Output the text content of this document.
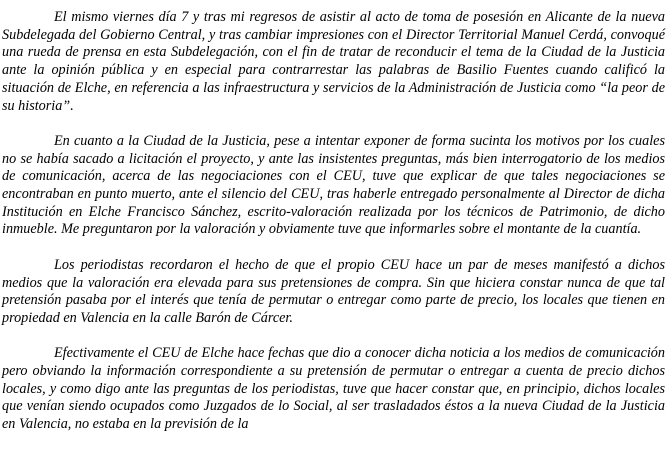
El mismo viernes día 7 y tras mi regresos de asistir al acto de toma de posesión en Alicante de la nueva Subdelegada del Gobierno Central, y tras cambiar impresiones con el Director Territorial Manuel Cerdá, convoqué una rueda de prensa en esta Subdelegación, con el fin de tratar de reconducir el tema de la Ciudad de la Justicia ante la opinión pública y en especial para contrarrestar las palabras de Basilio Fuentes cuando calificó la situación de Elche, en referencia a las infraestructura y servicios de la Administración de Justicia como “la peor de su historia”.

En cuanto a la Ciudad de la Justicia, pese a intentar exponer de forma sucinta los motivos por los cuales no se había sacado a licitación el proyecto, y ante las insistentes preguntas, más bien interrogatorio de los medios de comunicación, acerca de las negociaciones con el CEU, tuve que explicar de que tales negociaciones se encontraban en punto muerto, ante el silencio del CEU, tras haberle entregado personalmente al Director de dicha Institución en Elche Francisco Sánchez, escrito-valoración realizada por los técnicos de Patrimonio, de dicho inmueble. Me preguntaron por la valoración y obviamente tuve que informarles sobre el montante de la cuantía.

Los periodistas recordaron el hecho de que el propio CEU hace un par de meses manifestó a dichos medios que la valoración era elevada para sus pretensiones de compra. Sin que hiciera constar nunca de que tal pretensión pasaba por el interés que tenía de permutar o entregar como parte de precio, los locales que tienen en propiedad en Valencia en la calle Barón de Cárcer.

Efectivamente el CEU de Elche hace fechas que dio a conocer dicha noticia a los medios de comunicación pero obviando la información correspondiente a su pretensión de permutar o entregar a cuenta de precio dichos locales, y como digo ante las preguntas de los periodistas, tuve que hacer constar que, en principio, dichos locales que venían siendo ocupados como Juzgados de lo Social, al ser trasladados éstos a la nueva Ciudad de la Justicia en Valencia, no estaba en la previsión de la
